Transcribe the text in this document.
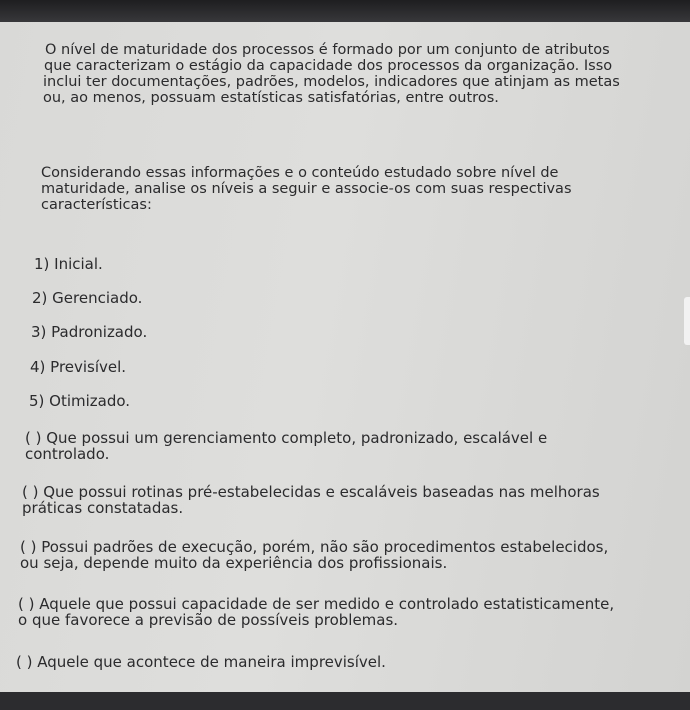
O nível de maturidade dos processos é formado por um conjunto de atributos
que caracterizam o estágio da capacidade dos processos da organização. Isso
inclui ter documentações, padrões, modelos, indicadores que atinjam as metas
ou, ao menos, possuam estatísticas satisfatórias, entre outros.
Considerando essas informações e o conteúdo estudado sobre nível de
maturidade, analise os níveis a seguir e associe-os com suas respectivas
características:
1) Inicial.
2) Gerenciado.
3) Padronizado.
4) Previsível.
5) Otimizado.
( ) Que possui um gerenciamento completo, padronizado, escalável e
controlado.
( ) Que possui rotinas pré-estabelecidas e escaláveis baseadas nas melhoras
práticas constatadas.
( ) Possui padrões de execução, porém, não são procedimentos estabelecidos,
ou seja, depende muito da experiência dos profissionais.
( ) Aquele que possui capacidade de ser medido e controlado estatisticamente,
o que favorece a previsão de possíveis problemas.
( ) Aquele que acontece de maneira imprevisível.
